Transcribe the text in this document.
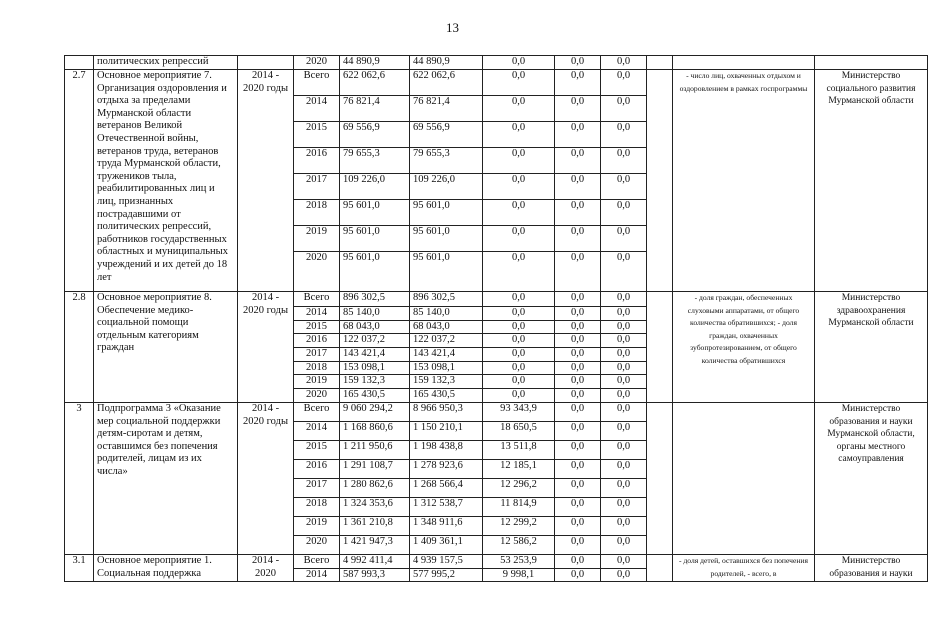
13
	политических репрессий		2020	44 890,9	44 890,9	0,0	0,0	0,0			
2.7	Основное мероприятие 7. Организация оздоровления и отдыха за пределами Мурманской области ветеранов Великой Отечественной войны, ветеранов труда, ветеранов труда Мурманской области, тружеников тыла, реабилитированных лиц и лиц, признанных пострадавшими от политических репрессий, работников государственных областных и муниципальных учреждений и их детей до 18 лет	2014 - 2020 годы	Всего	622 062,6	622 062,6	0,0	0,0	0,0		- число лиц, охваченных отдыхом и оздоровлением в рамках госпрограммы	Министерство социального развития Мурманской области
			2014	76 821,4	76 821,4	0,0	0,0	0,0			
			2015	69 556,9	69 556,9	0,0	0,0	0,0			
			2016	79 655,3	79 655,3	0,0	0,0	0,0			
			2017	109 226,0	109 226,0	0,0	0,0	0,0			
			2018	95 601,0	95 601,0	0,0	0,0	0,0			
			2019	95 601,0	95 601,0	0,0	0,0	0,0			
			2020	95 601,0	95 601,0	0,0	0,0	0,0			
2.8	Основное мероприятие 8. Обеспечение медико-социальной помощи отдельным категориям граждан	2014 - 2020 годы	Всего	896 302,5	896 302,5	0,0	0,0	0,0		- доля граждан, обеспеченных слуховыми аппаратами, от общего количества обратившихся; - доля граждан, охваченных зубопротезированием, от общего количества обратившихся	Министерство здравоохранения Мурманской области
			2014	85 140,0	85 140,0	0,0	0,0	0,0			
			2015	68 043,0	68 043,0	0,0	0,0	0,0			
			2016	122 037,2	122 037,2	0,0	0,0	0,0			
			2017	143 421,4	143 421,4	0,0	0,0	0,0			
			2018	153 098,1	153 098,1	0,0	0,0	0,0			
			2019	159 132,3	159 132,3	0,0	0,0	0,0			
			2020	165 430,5	165 430,5	0,0	0,0	0,0			
3	Подпрограмма 3 «Оказание мер социальной поддержки детям-сиротам и детям, оставшимся без попечения родителей, лицам из их числа»	2014 - 2020 годы	Всего	9 060 294,2	8 966 950,3	93 343,9	0,0	0,0			Министерство образования и науки Мурманской области, органы местного самоуправления
			2014	1 168 860,6	1 150 210,1	18 650,5	0,0	0,0			
			2015	1 211 950,6	1 198 438,8	13 511,8	0,0	0,0			
			2016	1 291 108,7	1 278 923,6	12 185,1	0,0	0,0			
			2017	1 280 862,6	1 268 566,4	12 296,2	0,0	0,0			
			2018	1 324 353,6	1 312 538,7	11 814,9	0,0	0,0			
			2019	1 361 210,8	1 348 911,6	12 299,2	0,0	0,0			
			2020	1 421 947,3	1 409 361,1	12 586,2	0,0	0,0			
3.1	Основное мероприятие 1. Социальная поддержка	2014 - 2020	Всего	4 992 411,4	4 939 157,5	53 253,9	0,0	0,0		- доля детей, оставшихся без попечения родителей, - всего, в	Министерство образования и науки
			2014	587 993,3	577 995,2	9 998,1	0,0	0,0			
